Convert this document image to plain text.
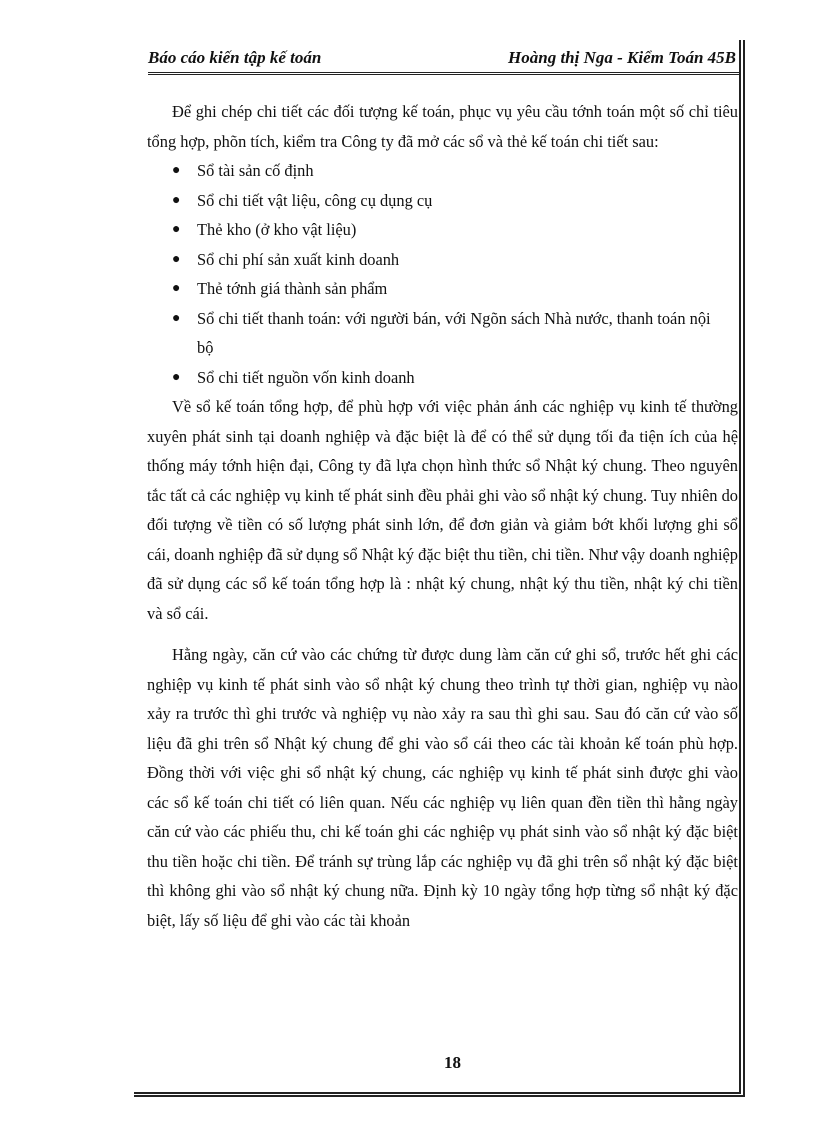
Báo cáo kiến tập kế toán	Hoàng thị Nga - Kiểm Toán 45B

Để ghi chép chi tiết các đối tượng kế toán, phục vụ yêu cầu tớnh toán một số chỉ tiêu tổng hợp, phõn tích, kiểm tra Công ty đã mở các sổ và thẻ kế toán chi tiết sau:

● Sổ tài sản cố định
● Sổ chi tiết vật liệu, công cụ dụng cụ
● Thẻ kho (ở kho vật liệu)
● Sổ chi phí sản xuất kinh doanh
● Thẻ tớnh giá thành sản phẩm
● Sổ chi tiết thanh toán: với người bán, với Ngõn sách Nhà nước, thanh toán nội bộ
● Sổ chi tiết nguồn vốn kinh doanh

Về sổ kế toán tổng hợp, để phù hợp với việc phản ánh các nghiệp vụ kinh tế thường xuyên phát sinh tại doanh nghiệp và đặc biệt là để có thể sử dụng tối đa tiện ích của hệ thống máy tớnh hiện đại, Công ty đã lựa chọn hình thức sổ Nhật ký chung. Theo nguyên tắc tất cả các nghiệp vụ kinh tế phát sinh đều phải ghi vào sổ nhật ký chung. Tuy nhiên do đối tượng về tiền có số lượng phát sinh lớn, để đơn giản và giảm bớt khối lượng ghi sổ cái, doanh nghiệp đã sử dụng sổ Nhật ký đặc biệt thu tiền, chi tiền. Như vậy doanh nghiệp đã sử dụng các sổ kế toán tổng hợp là : nhật ký chung, nhật ký thu tiền, nhật ký chi tiền và sổ cái.

Hằng ngày, căn cứ vào các chứng từ được dung làm căn cứ ghi sổ, trước hết ghi các nghiệp vụ kinh tế phát sinh vào sổ nhật ký chung theo trình tự thời gian, nghiệp vụ nào xảy ra trước thì ghi trước và nghiệp vụ nào xảy ra sau thì ghi sau. Sau đó căn cứ vào số liệu đã ghi trên sổ Nhật ký chung để ghi vào sổ cái theo các tài khoản kế toán phù hợp. Đồng thời với việc ghi sổ nhật ký chung, các nghiệp vụ kinh tế phát sinh được ghi vào các sổ kế toán chi tiết có liên quan. Nếu các nghiệp vụ liên quan đền tiền thì hằng ngày căn cứ vào các phiếu thu, chi kế toán ghi các nghiệp vụ phát sinh vào sổ nhật ký đặc biệt thu tiền hoặc chi tiền. Để tránh sự trùng lắp các nghiệp vụ đã ghi trên sổ nhật ký đặc biệt thì không ghi vào sổ nhật ký chung nữa. Định kỳ 10 ngày tổng hợp từng sổ nhật ký đặc biệt, lấy số liệu để ghi vào các tài khoản

18
